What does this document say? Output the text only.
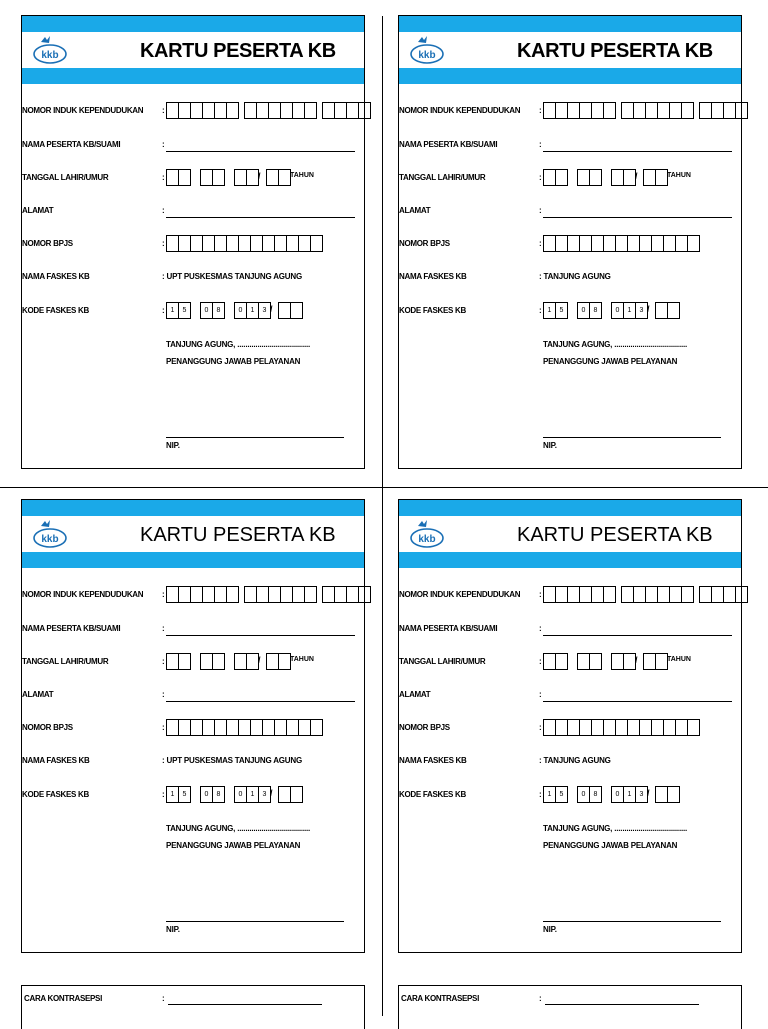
kkb	KARTU PESERTA KB
NOMOR INDUK KEPENDUDUKAN :
NAMA PESERTA KB/SUAMI	:
TANGGAL LAHIR/UMUR	:	/	TAHUN
ALAMAT	:
NOMOR BPJS	:
NAMA FASKES KB	: UPT PUSKESMAS TANJUNG AGUNG
KODE FASKES KB	: 1 5	0 8	0 1 3 /
TANJUNG AGUNG, ....................................
PENANGGUNG JAWAB PELAYANAN
NIP.
kkb	KARTU PESERTA KB
NOMOR INDUK KEPENDUDUKAN :
NAMA PESERTA KB/SUAMI	:
TANGGAL LAHIR/UMUR	:	/	TAHUN
ALAMAT	:
NOMOR BPJS	:
NAMA FASKES KB	: TANJUNG AGUNG
KODE FASKES KB	: 1 5	0 8	0 1 3 /
TANJUNG AGUNG, ....................................
PENANGGUNG JAWAB PELAYANAN
NIP.
kkb	KARTU PESERTA KB
NOMOR INDUK KEPENDUDUKAN :
NAMA PESERTA KB/SUAMI	:
TANGGAL LAHIR/UMUR	:	/	TAHUN
ALAMAT	:
NOMOR BPJS	:
NAMA FASKES KB	: UPT PUSKESMAS TANJUNG AGUNG
KODE FASKES KB	: 1 5	0 8	0 1 3 /
TANJUNG AGUNG, ....................................
PENANGGUNG JAWAB PELAYANAN
NIP.
kkb	KARTU PESERTA KB
NOMOR INDUK KEPENDUDUKAN :
NAMA PESERTA KB/SUAMI	:
TANGGAL LAHIR/UMUR	:	/	TAHUN
ALAMAT	:
NOMOR BPJS	:
NAMA FASKES KB	: TANJUNG AGUNG
KODE FASKES KB	: 1 5	0 8	0 1 3 /
TANJUNG AGUNG, ....................................
PENANGGUNG JAWAB PELAYANAN
NIP.
CARA KONTRASEPSI	:	CARA KONTRASEPSI	:
